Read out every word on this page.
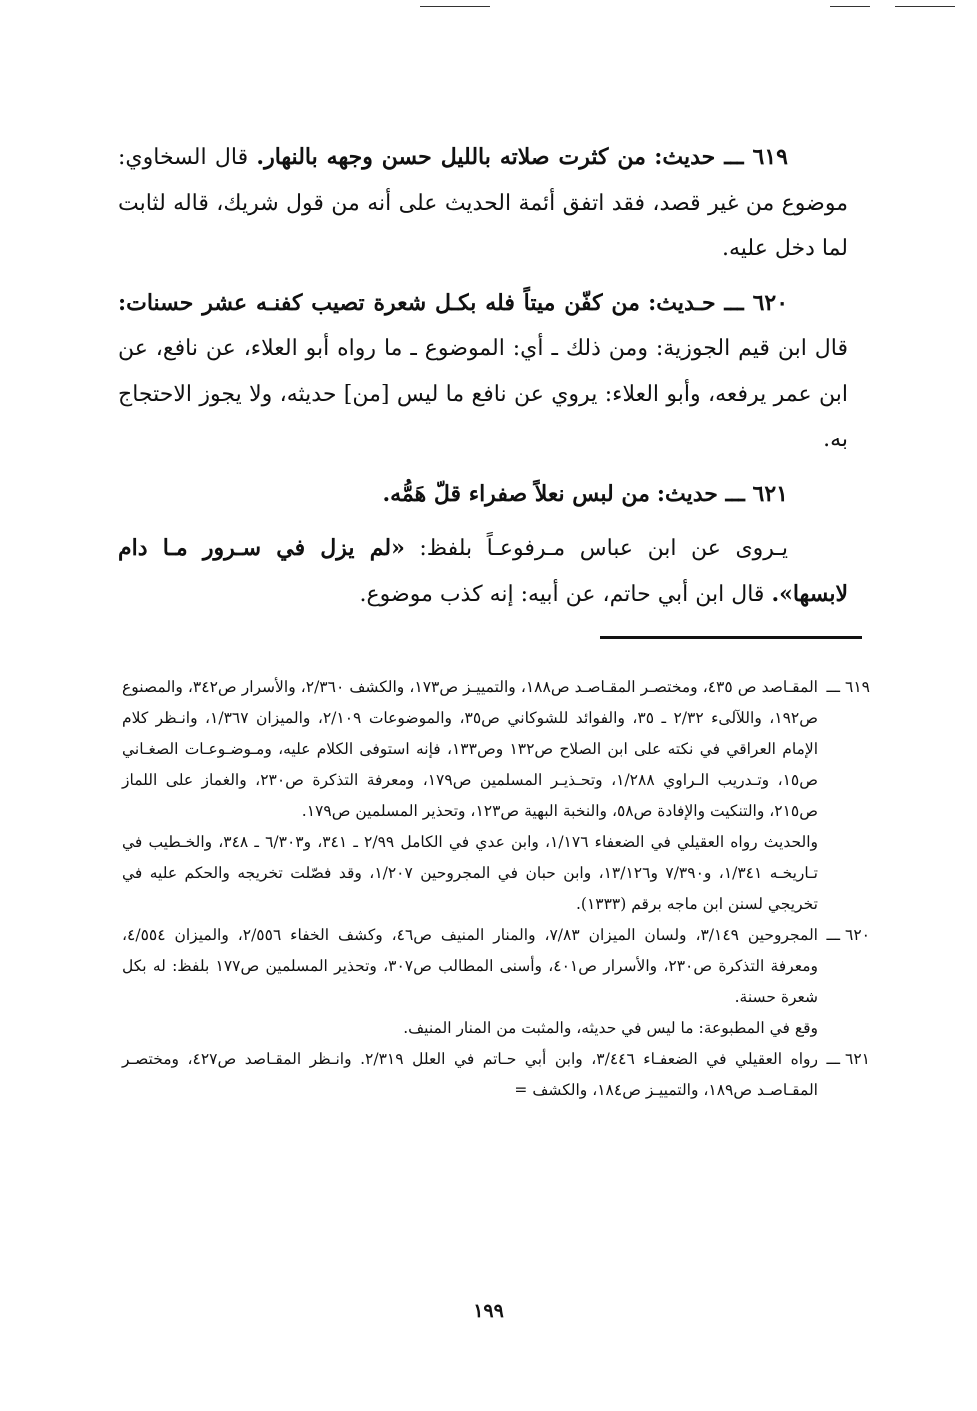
٦١٩ ـــ حديث: من كثرت صلاته بالليل حسن وجهه بالنهار. قال السخاوي: موضوع من غير قصد، فقد اتفق أئمة الحديث على أنه من قول شريك، قاله لثابت لما دخل عليه.

٦٢٠ ـــ حـديث: من كفّن ميتاً فله بكـل شعرة تصيب كفنـه عشر حسنات: قال ابن قيم الجوزية: ومن ذلك ـ أي: الموضوع ـ ما رواه أبو العلاء، عن نافع، عن ابن عمر يرفعه، وأبو العلاء: يروي عن نافع ما ليس [من] حديثه، ولا يجوز الاحتجاج به.

٦٢١ ـــ حديث: من لبس نعلاً صفراء قلّ هَمُّه.

يـروى عن ابن عباس مـرفوعـاً بلفظ: «لم يزل في سـرور مـا دام لابسها». قال ابن أبي حاتم، عن أبيه: إنه كذب موضوع.

٦١٩ ـــ

المقـاصد ص ٤٣٥، ومختصـر المقـاصـد ص١٨٨، والتمييـز ص١٧٣، والكشف ٢/٣٦٠، والأسرار ص٣٤٢، والمصنوع ص١٩٢، واللآلىء ٢/٣٢ ـ ٣٥، والفوائد للشوكاني ص٣٥، والموضوعات ٢/١٠٩، والميزان ١/٣٦٧، وانـظر كلام الإمام العراقي في نكته على ابن الصلاح ص١٣٢ وص١٣٣، فإنه استوفى الكلام عليه، ومـوضـوعـات الصغـاني ص١٥، وتـدريب الـراوي ١/٢٨٨، وتحـذيـر المسلمين ص١٧٩، ومعرفة التذكرة ص٢٣٠، والغماز على اللماز ص٢١٥، والتنكيت والإفادة ص٥٨، والنخبة البهية ص١٢٣، وتحذير المسلمين ص١٧٩.

والحديث رواه العقيلي في الضعفاء ١/١٧٦، وابن عدي في الكامل ٢/٩٩ ـ ٣٤١، و٦/٣٠٣ ـ ٣٤٨، والخـطيب في تـاريخـه ١/٣٤١، و٧/٣٩٠ و١٣/١٢٦، وابن حبان في المجروحين ١/٢٠٧، وقد فصّلت تخريجه والحكم عليه في تخريجي لسنن ابن ماجه برقم (١٣٣٣).

٦٢٠ ـــ

المجروحين ٣/١٤٩، ولسان الميزان ٧/٨٣، والمنار المنيف ص٤٦، وكشف الخفاء ٢/٥٥٦، والميزان ٤/٥٥٤، ومعرفة التذكرة ص٢٣٠، والأسرار ص٤٠١، وأسنى المطالب ص٣٠٧، وتحذير المسلمين ص١٧٧ بلفظ: له بكل شعرة حسنة.

وقع في المطبوعة: ما ليس في حديثه، والمثبت من المنار المنيف.

٦٢١ ـــ

رواه العقيلي في الضعفـاء ٣/٤٤٦، وابن أبي حـاتم في العلل ٢/٣١٩. وانـظر المقـاصد ص٤٢٧، ومختصـر المقـاصـد ص١٨٩، والتمييـز ص١٨٤، والكشف =

١٩٩
